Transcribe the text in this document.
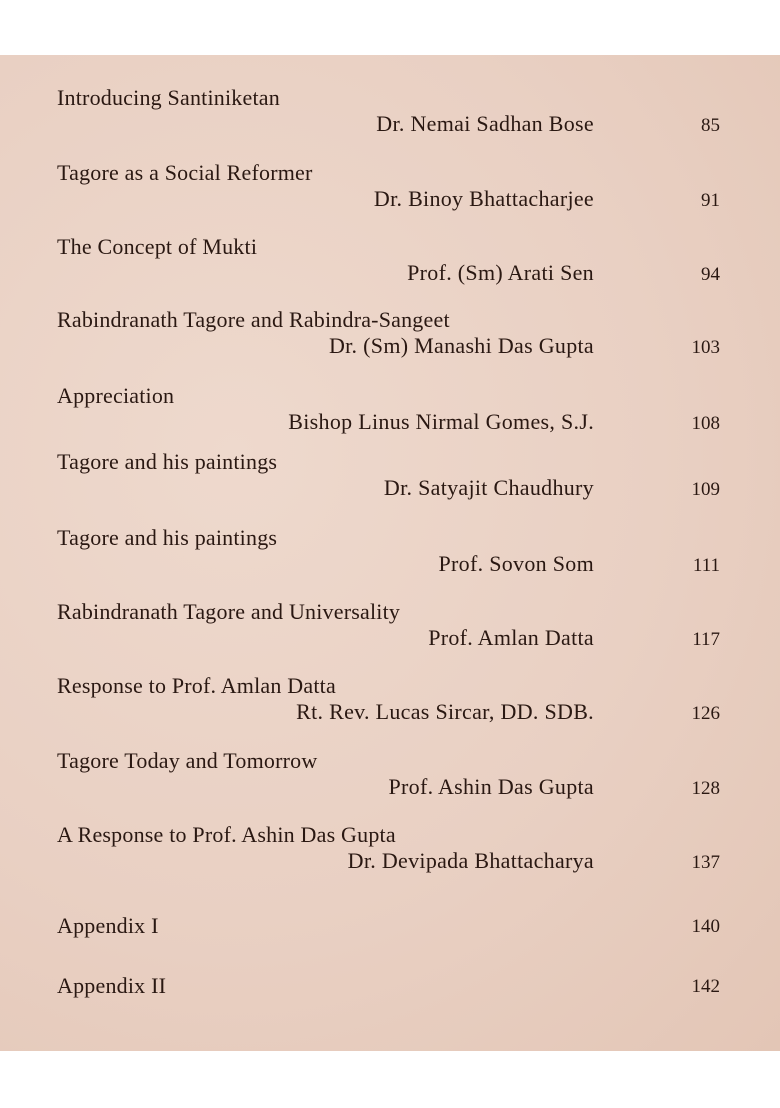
Introducing Santiniketan
Dr. Nemai Sadhan Bose	85
Tagore as a Social Reformer
Dr. Binoy Bhattacharjee	91
The Concept of Mukti
Prof. (Sm) Arati Sen	94
Rabindranath Tagore and Rabindra-Sangeet
Dr. (Sm) Manashi Das Gupta	103
Appreciation
Bishop Linus Nirmal Gomes, S.J.	108
Tagore and his paintings
Dr. Satyajit Chaudhury	109
Tagore and his paintings
Prof. Sovon Som	111
Rabindranath Tagore and Universality
Prof. Amlan Datta	117
Response to Prof. Amlan Datta
Rt. Rev. Lucas Sircar, DD. SDB.	126
Tagore Today and Tomorrow
Prof. Ashin Das Gupta	128
A Response to Prof. Ashin Das Gupta
Dr. Devipada Bhattacharya	137
Appendix I	140
Appendix II	142
